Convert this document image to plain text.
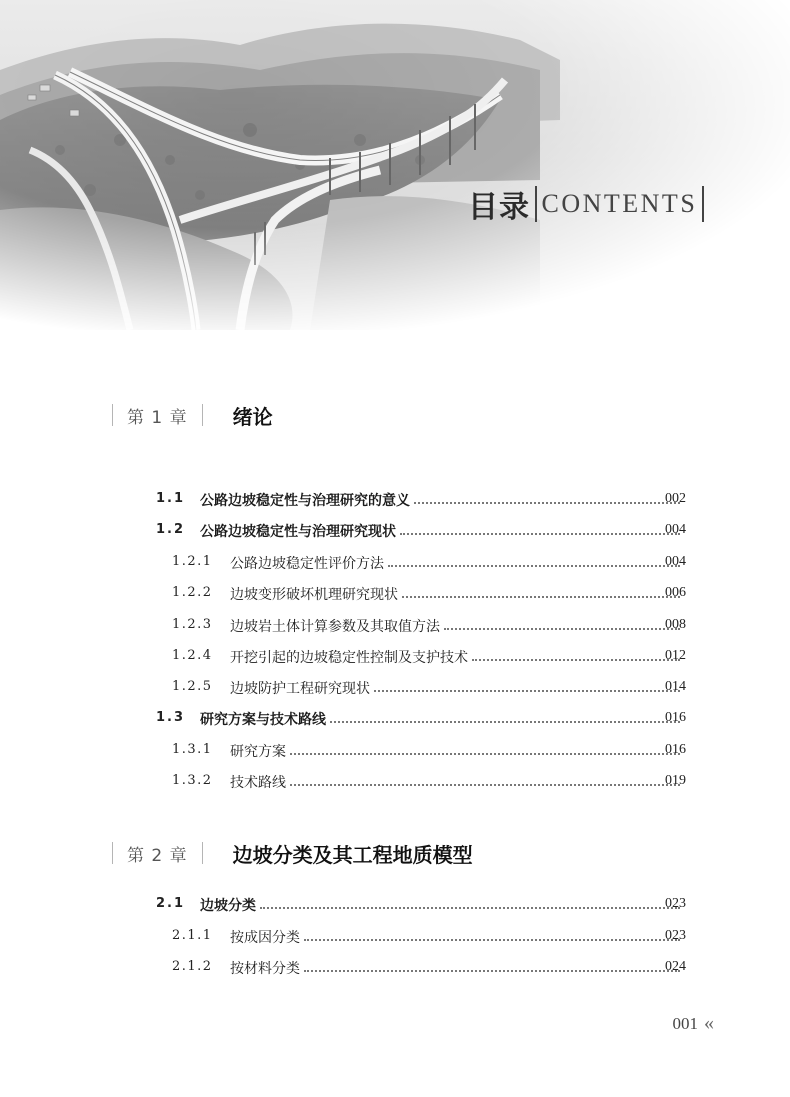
目录 CONTENTS
第 1 章 绪论
1.1 公路边坡稳定性与治理研究的意义	002
1.2 公路边坡稳定性与治理研究现状	004
1.2.1 公路边坡稳定性评价方法	004
1.2.2 边坡变形破坏机理研究现状	006
1.2.3 边坡岩土体计算参数及其取值方法	008
1.2.4 开挖引起的边坡稳定性控制及支护技术	012
1.2.5 边坡防护工程研究现状	014
1.3 研究方案与技术路线	016
1.3.1 研究方案	016
1.3.2 技术路线	019
第 2 章 边坡分类及其工程地质模型
2.1 边坡分类	023
2.1.1 按成因分类	023
2.1.2 按材料分类	024
001 «
